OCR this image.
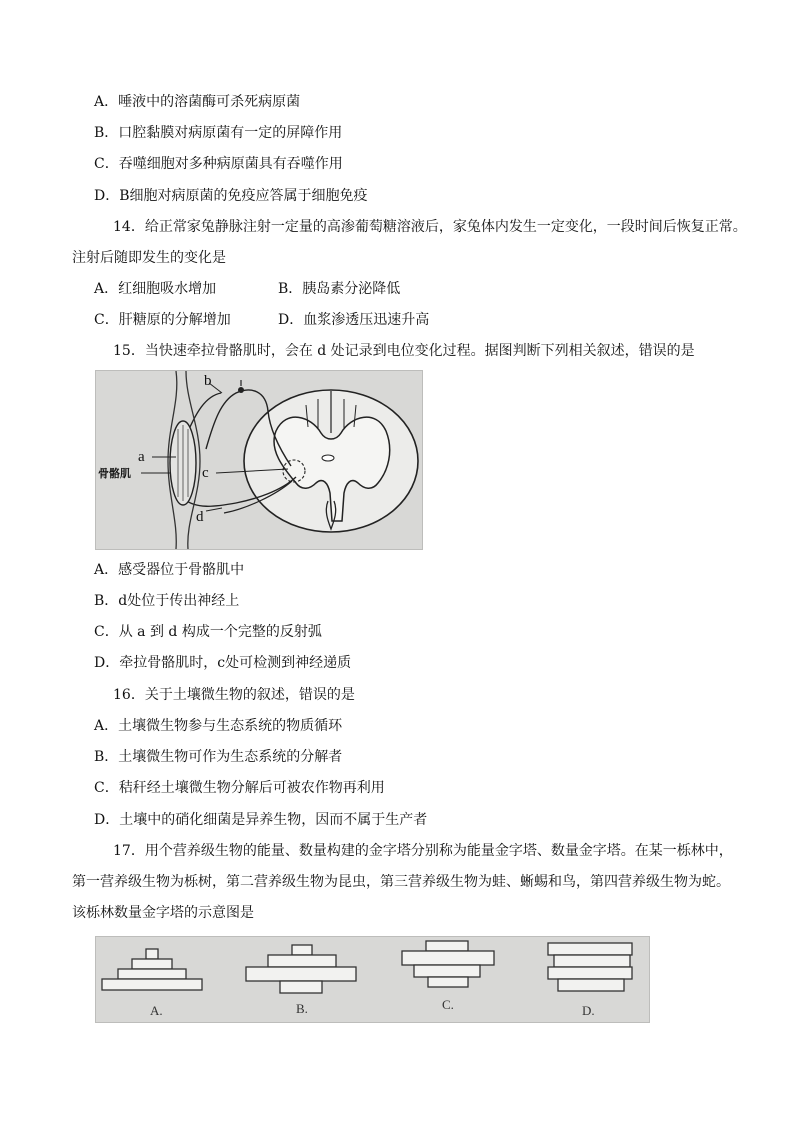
A．唾液中的溶菌酶可杀死病原菌
B．口腔黏膜对病原菌有一定的屏障作用
C．吞噬细胞对多种病原菌具有吞噬作用
D．B细胞对病原菌的免疫应答属于细胞免疫
14．给正常家兔静脉注射一定量的高渗葡萄糖溶液后，家兔体内发生一定变化，一段时间后恢复正常。
注射后随即发生的变化是
A．红细胞吸水增加	B．胰岛素分泌降低
C．肝糖原的分解增加	D．血浆渗透压迅速升高
15．当快速牵拉骨骼肌时，会在 d 处记录到电位变化过程。据图判断下列相关叙述，错误的是
b
a
骨骼肌	c
d
A．感受器位于骨骼肌中
B．d处位于传出神经上
C．从 a 到 d 构成一个完整的反射弧
D．牵拉骨骼肌时，c处可检测到神经递质
16．关于土壤微生物的叙述，错误的是
A．土壤微生物参与生态系统的物质循环
B．土壤微生物可作为生态系统的分解者
C．秸秆经土壤微生物分解后可被农作物再利用
D．土壤中的硝化细菌是异养生物，因而不属于生产者
17．用个营养级生物的能量、数量构建的金字塔分别称为能量金字塔、数量金字塔。在某一栎林中，
第一营养级生物为栎树，第二营养级生物为昆虫，第三营养级生物为蛙、蜥蜴和鸟，第四营养级生物为蛇。
该栎林数量金字塔的示意图是
A.	B.	C.	D.
